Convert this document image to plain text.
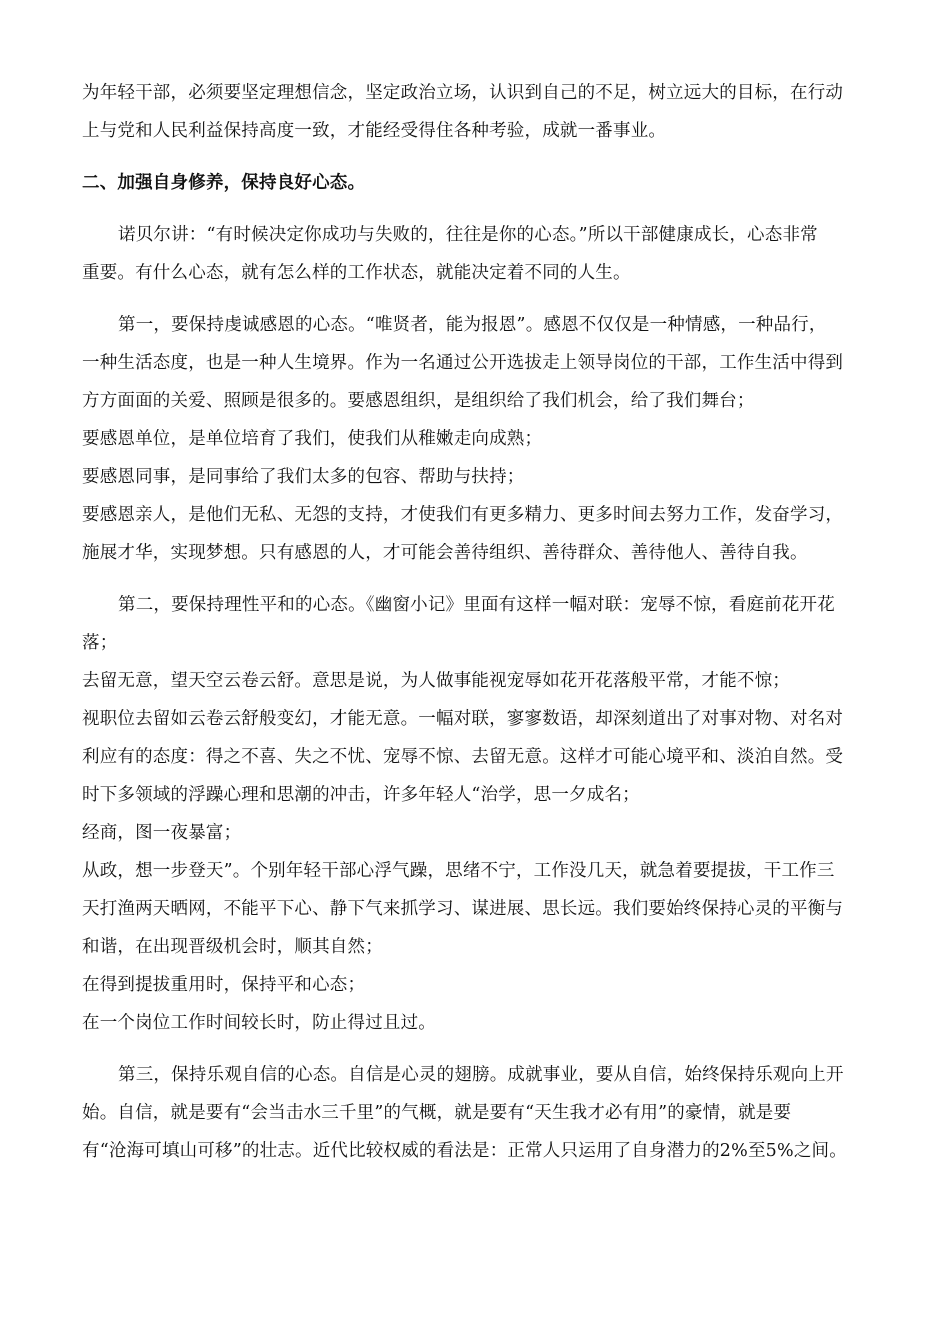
为年轻干部，必须要坚定理想信念，坚定政治立场，认识到自己的不足，树立远大的目标，在行动
上与党和人民利益保持高度一致，才能经受得住各种考验，成就一番事业。
二、加强自身修养，保持良好心态。
诺贝尔讲：“有时候决定你成功与失败的，往往是你的心态。”所以干部健康成长，心态非常
重要。有什么心态，就有怎么样的工作状态，就能决定着不同的人生。
第一，要保持虔诚感恩的心态。“唯贤者，能为报恩”。感恩不仅仅是一种情感，一种品行，
一种生活态度，也是一种人生境界。作为一名通过公开选拔走上领导岗位的干部，工作生活中得到
方方面面的关爱、照顾是很多的。要感恩组织，是组织给了我们机会，给了我们舞台；
要感恩单位，是单位培育了我们，使我们从稚嫩走向成熟；
要感恩同事，是同事给了我们太多的包容、帮助与扶持；
要感恩亲人，是他们无私、无怨的支持，才使我们有更多精力、更多时间去努力工作，发奋学习，
施展才华，实现梦想。只有感恩的人，才可能会善待组织、善待群众、善待他人、善待自我。
第二，要保持理性平和的心态。《幽窗小记》里面有这样一幅对联：宠辱不惊，看庭前花开花
落；
去留无意，望天空云卷云舒。意思是说，为人做事能视宠辱如花开花落般平常，才能不惊；
视职位去留如云卷云舒般变幻，才能无意。一幅对联，寥寥数语，却深刻道出了对事对物、对名对
利应有的态度：得之不喜、失之不忧、宠辱不惊、去留无意。这样才可能心境平和、淡泊自然。受
时下多领域的浮躁心理和思潮的冲击，许多年轻人“治学，思一夕成名；
经商，图一夜暴富；
从政，想一步登天”。个别年轻干部心浮气躁，思绪不宁，工作没几天，就急着要提拔，干工作三
天打渔两天晒网，不能平下心、静下气来抓学习、谋进展、思长远。我们要始终保持心灵的平衡与
和谐，在出现晋级机会时，顺其自然；
在得到提拔重用时，保持平和心态；
在一个岗位工作时间较长时，防止得过且过。
第三，保持乐观自信的心态。自信是心灵的翅膀。成就事业，要从自信，始终保持乐观向上开
始。自信，就是要有“会当击水三千里”的气概，就是要有“天生我才必有用”的豪情，就是要
有“沧海可填山可移”的壮志。近代比较权威的看法是：正常人只运用了自身潜力的2%至5%之间。
